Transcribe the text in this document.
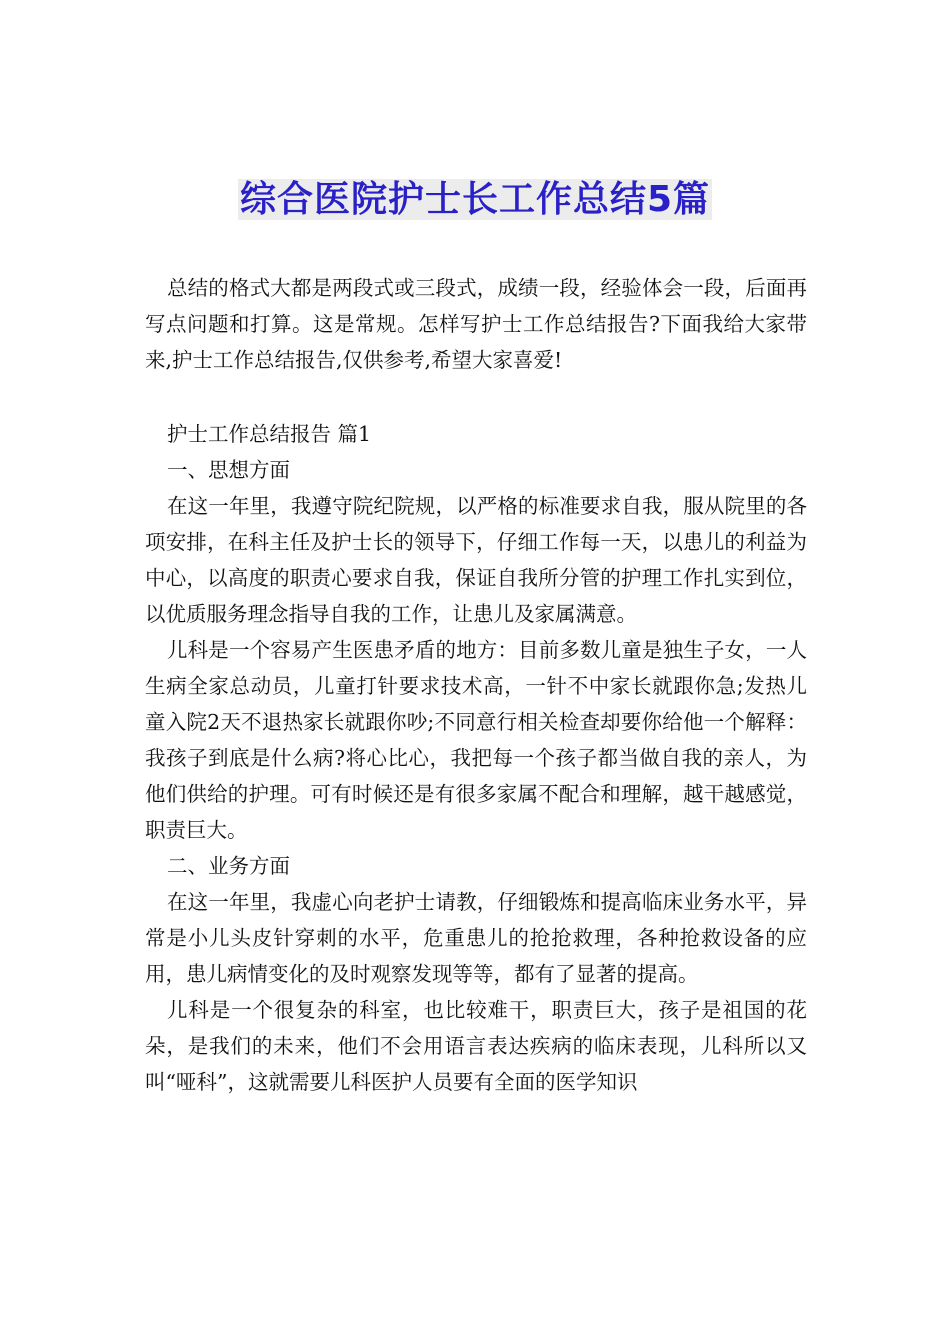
综合医院护士长工作总结5篇

总结的格式大都是两段式或三段式，成绩一段，经验体会一段，后面再写点问题和打算。这是常规。怎样写护士工作总结报告?下面我给大家带来,护士工作总结报告,仅供参考,希望大家喜爱!

护士工作总结报告 篇1

一、思想方面

在这一年里，我遵守院纪院规，以严格的标准要求自我，服从院里的各项安排，在科主任及护士长的领导下，仔细工作每一天，以患儿的利益为中心，以高度的职责心要求自我，保证自我所分管的护理工作扎实到位，以优质服务理念指导自我的工作，让患儿及家属满意。

儿科是一个容易产生医患矛盾的地方：目前多数儿童是独生子女，一人生病全家总动员，儿童打针要求技术高，一针不中家长就跟你急;发热儿童入院2天不退热家长就跟你吵;不同意行相关检查却要你给他一个解释：我孩子到底是什么病?将心比心，我把每一个孩子都当做自我的亲人，为他们供给的护理。可有时候还是有很多家属不配合和理解，越干越感觉，职责巨大。

二、业务方面

在这一年里，我虚心向老护士请教，仔细锻炼和提高临床业务水平，异常是小儿头皮针穿刺的水平，危重患儿的抢抢救理，各种抢救设备的应用，患儿病情变化的及时观察发现等等，都有了显著的提高。

儿科是一个很复杂的科室，也比较难干，职责巨大，孩子是祖国的花朵，是我们的未来，他们不会用语言表达疾病的临床表现，儿科所以又叫“哑科”，这就需要儿科医护人员要有全面的医学知识
